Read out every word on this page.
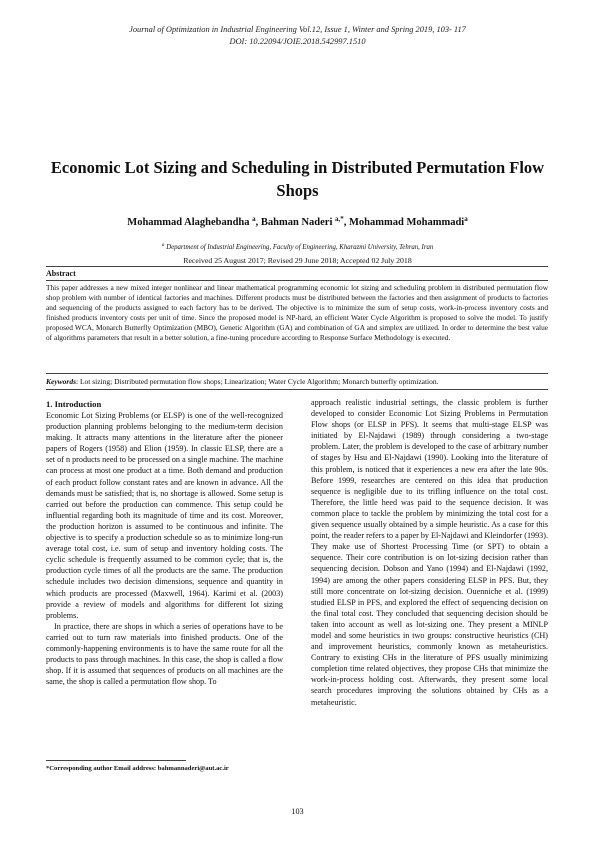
Journal of Optimization in Industrial Engineering Vol.12, Issue 1, Winter and Spring 2019, 103- 117
DOI: 10.22094/JOIE.2018.542997.1510
Economic Lot Sizing and Scheduling in Distributed Permutation Flow Shops
Mohammad Alaghebandha $^a$, Bahman Naderi $^{a,*}$, Mohammad Mohammadi$^a$
$^a$ Department of Industrial Engineering, Faculty of Engineering, Kharazmi University, Tehran, Iran
Received 25 August 2017; Revised 29 June 2018; Accepted 02 July 2018
Abstract

This paper addresses a new mixed integer nonlinear and linear mathematical programming economic lot sizing and scheduling problem in distributed permutation flow shop problem with number of identical factories and machines. Different products must be distributed between the factories and then assignment of products to factories and sequencing of the products assigned to each factory has to be derived. The objective is to minimize the sum of setup costs, work-in-process inventory costs and finished products inventory costs per unit of time. Since the proposed model is NP-hard, an efficient Water Cycle Algorithm is proposed to solve the model. To justify proposed WCA, Monarch Butterfly Optimization (MBO), Genetic Algorithm (GA) and combination of GA and simplex are utilized. In order to determine the best value of algorithms parameters that result in a better solution, a fine-tuning procedure according to Response Surface Methodology is executed.

Keywords: Lot sizing; Distributed permutation flow shops; Linearization; Water Cycle Algorithm; Monarch butterfly optimization.
1. Introduction

Economic Lot Sizing Problems (or ELSP) is one of the well-recognized production planning problems belonging to the medium-term decision making. It attracts many attentions in the literature after the pioneer papers of Rogers (1958) and Elion (1959). In classic ELSP, there are a set of n products need to be processed on a single machine. The machine can process at most one product at a time. Both demand and production of each product follow constant rates and are known in advance. All the demands must be satisfied; that is, no shortage is allowed. Some setup is carried out before the production can commence. This setup could be influential regarding both its magnitude of time and its cost. Moreover, the production horizon is assumed to be continuous and infinite. The objective is to specify a production schedule so as to minimize long-run average total cost, i.e. sum of setup and inventory holding costs. The cyclic schedule is frequently assumed to be common cycle; that is, the production cycle times of all the products are the same. The production schedule includes two decision dimensions, sequence and quantity in which products are processed (Maxwell, 1964). Karimi et al. (2003) provide a review of models and algorithms for different lot sizing problems.

In practice, there are shops in which a series of operations have to be carried out to turn raw materials into finished products. One of the commonly-happening environments is to have the same route for all the products to pass through machines. In this case, the shop is called a flow shop. If it is assumed that sequences of products on all machines are the same, the shop is called a permutation flow shop. To

approach realistic industrial settings, the classic problem is further developed to consider Economic Lot Sizing Problems in Permutation Flow shops (or ELSP in PFS). It seems that multi-stage ELSP was initiated by El-Najdawi (1989) through considering a two-stage problem. Later, the problem is developed to the case of arbitrary number of stages by Hsu and El-Najdawi (1990). Looking into the literature of this problem, is noticed that it experiences a new era after the late 90s. Before 1999, researches are centered on this idea that production sequence is negligible due to its trifling influence on the total cost. Therefore, the little heed was paid to the sequence decision. It was common place to tackle the problem by minimizing the total cost for a given sequence usually obtained by a simple heuristic. As a case for this point, the reader refers to a paper by El-Najdawi and Kleindorfer (1993). They make use of Shortest Processing Time (or SPT) to obtain a sequence. Their core contribution is on lot-sizing decision rather than sequencing decision. Dobson and Yano (1994) and El-Najdawi (1992, 1994) are among the other papers considering ELSP in PFS. But, they still more concentrate on lot-sizing decision. Ouenniche et al. (1999) studied ELSP in PFS, and explored the effect of sequencing decision on the final total cost. They concluded that sequencing decision should be taken into account as well as lot-sizing one. They present a MINLP model and some heuristics in two groups: constructive heuristics (CH) and improvement heuristics, commonly known as metaheuristics. Contrary to existing CHs in the literature of PFS usually minimizing completion time related objectives, they propose CHs that minimize the work-in-process holding cost. Afterwards, they present some local search procedures improving the solutions obtained by CHs as a metaheuristic.

*Corresponding author Email address: bahmannaderi@aut.ac.ir
103
